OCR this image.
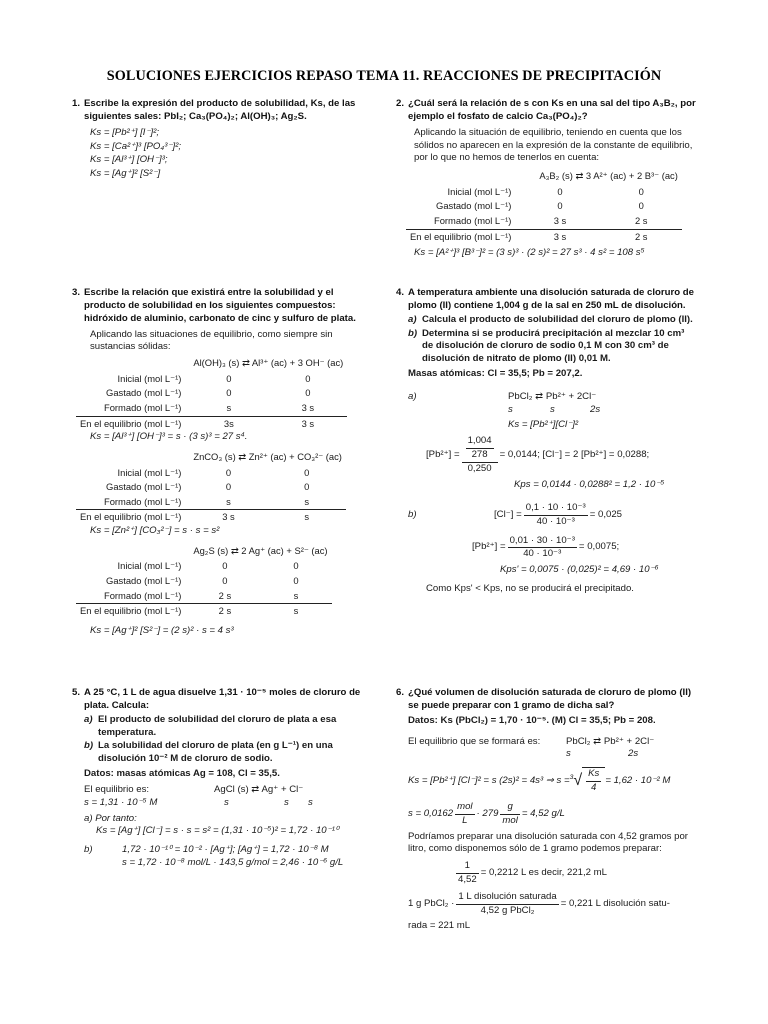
SOLUCIONES EJERCICIOS REPASO TEMA 11. REACCIONES DE PRECIPITACIÓN
1. Escribe la expresión del producto de solubilidad, Ks, de las siguientes sales: PbI₂; Ca₃(PO₄)₂; Al(OH)₃; Ag₂S.
Ks = [Pb²⁺] [I⁻]²;
Ks = [Ca²⁺]³ [PO₄³⁻]²;
Ks = [Al³⁺] [OH⁻]³;
Ks = [Ag⁺]² [S²⁻]
2. ¿Cuál será la relación de s con Ks en una sal del tipo A₃B₂, por ejemplo el fosfato de calcio Ca₃(PO₄)₂?
Aplicando la situación de equilibrio, teniendo en cuenta que los sólidos no aparecen en la expresión de la constante de equilibrio, por lo que no hemos de tenerlos en cuenta:
	A₃B₂ (s) ⇄ 3 A²⁺ (ac) + 2 B³⁻ (ac)	
Inicial (mol L⁻¹)	0	0
Gastado (mol L⁻¹)	0	0
Formado (mol L⁻¹)	3 s	2 s
En el equilibrio (mol L⁻¹)	3 s	2 s
Ks = [A²⁺]³ [B³⁻]² = (3 s)³ · (2 s)² = 27 s³ · 4 s² = 108 s⁵
3. Escribe la relación que existirá entre la solubilidad y el producto de solubilidad en los siguientes compuestos: hidróxido de aluminio, carbonato de cinc y sulfuro de plata.
Aplicando las situaciones de equilibrio, como siempre sin sustancias sólidas:
	Al(OH)₃ (s) ⇄ Al³⁺ (ac) + 3 OH⁻ (ac)	
Inicial (mol L⁻¹)	0	0
Gastado (mol L⁻¹)	0	0
Formado (mol L⁻¹)	s	3 s
En el equilibrio (mol L⁻¹)	3s	3 s
Ks = [Al³⁺] [OH⁻]³ = s · (3 s)³ = 27 s⁴.
	ZnCO₃ (s) ⇄ Zn²⁺ (ac) + CO₃²⁻ (ac)	
Inicial (mol L⁻¹)	0	0
Gastado (mol L⁻¹)	0	0
Formado (mol L⁻¹)	s	s
En el equilibrio (mol L⁻¹)	3 s	s
Ks = [Zn²⁺] [CO₃²⁻] = s · s = s²
	Ag₂S (s) ⇄ 2 Ag⁺ (ac) + S²⁻ (ac)	
Inicial (mol L⁻¹)	0	0
Gastado (mol L⁻¹)	0	0
Formado (mol L⁻¹)	2 s	s
En el equilibrio (mol L⁻¹)	2 s	s
Ks = [Ag⁺]² [S²⁻] = (2 s)² · s = 4 s³
4. A temperatura ambiente una disolución saturada de cloruro de plomo (II) contiene 1,004 g de la sal en 250 mL de disolución.
a) Calcula el producto de solubilidad del cloruro de plomo (II).
b) Determina si se producirá precipitación al mezclar 10 cm³ de disolución de cloruro de sodio 0,1 M con 30 cm³ de disolución de nitrato de plomo (II) 0,01 M.
Masas atómicas: Cl = 35,5; Pb = 207,2.
a)	PbCl₂ ⇄ Pb²⁺ + 2Cl⁻
s	s	2s
Ks = [Pb²⁺][Cl⁻]²
$[Pb^{2+}] = \frac{\frac{1,004}{278}}{0,250} = 0,0144$; [Cl⁻] = 2 [Pb²⁺] = 0,0288;
Kps = 0,0144 · 0,0288² = 1,2 · 10⁻⁵
b)	$[Cl^-] = \frac{\text{0,1 · 10 · 10⁻³}}{\text{40 · 10⁻³}} = 0,025$
$[Pb^{2+}] = \frac{\text{0,01 · 30 · 10⁻³}}{\text{40 · 10⁻³}} = 0,0075$;
Kps' = 0,0075 · (0,025)² = 4,69 · 10⁻⁶
Como Kps' < Kps, no se producirá el precipitado.
5. A 25 °C, 1 L de agua disuelve 1,31 · 10⁻⁵ moles de cloruro de plata. Calcula:
a) El producto de solubilidad del cloruro de plata a esa temperatura.
b) La solubilidad del cloruro de plata (en g L⁻¹) en una disolución 10⁻² M de cloruro de sodio.
Datos: masas atómicas Ag = 108, Cl = 35,5.
El equilibrio es:	AgCl (s) ⇄ Ag⁺ + Cl⁻
s = 1,31 · 10⁻⁵ M	s	s	s
a) Por tanto:
Ks = [Ag⁺] [Cl⁻] = s · s = s² = (1,31 · 10⁻⁵)² = 1,72 · 10⁻¹⁰
b)	1,72 · 10⁻¹⁰ = 10⁻² · [Ag⁺]; [Ag⁺] = 1,72 · 10⁻⁸ M
s = 1,72 · 10⁻⁸ mol/L · 143,5 g/mol = 2,46 · 10⁻⁶ g/L
6. ¿Qué volumen de disolución saturada de cloruro de plomo (II) se puede preparar con 1 gramo de dicha sal?
Datos: Ks (PbCl₂) = 1,70 · 10⁻⁵. (M) Cl = 35,5; Pb = 208.
El equilibrio que se formará es:	PbCl₂ ⇄ Pb²⁺ + 2Cl⁻
s	2s
Ks = [Pb²⁺] [Cl⁻]² = s (2s)² = 4s³ ⇒ $s = ^3√ \frac{Ks}{4} = 1,62 \cdot 10^{-2}$ M
$s = 0,0162 \frac{\text{mol}}{L} \cdot 279 \frac{g}{\text{mol}} = 4,52$ g/L
Podríamos preparar una disolución saturada con 4,52 gramos por litro, como disponemos sólo de 1 gramo podemos preparar:
$\frac{1}{4,52} = 0,2212$ L es decir, 221,2 mL
1 g PbCl₂ · $\frac{\text{1 L disolución saturada}}{\text{4,52 g PbCl₂}} = 0,221$ L disolución satu-
rada = 221 mL
